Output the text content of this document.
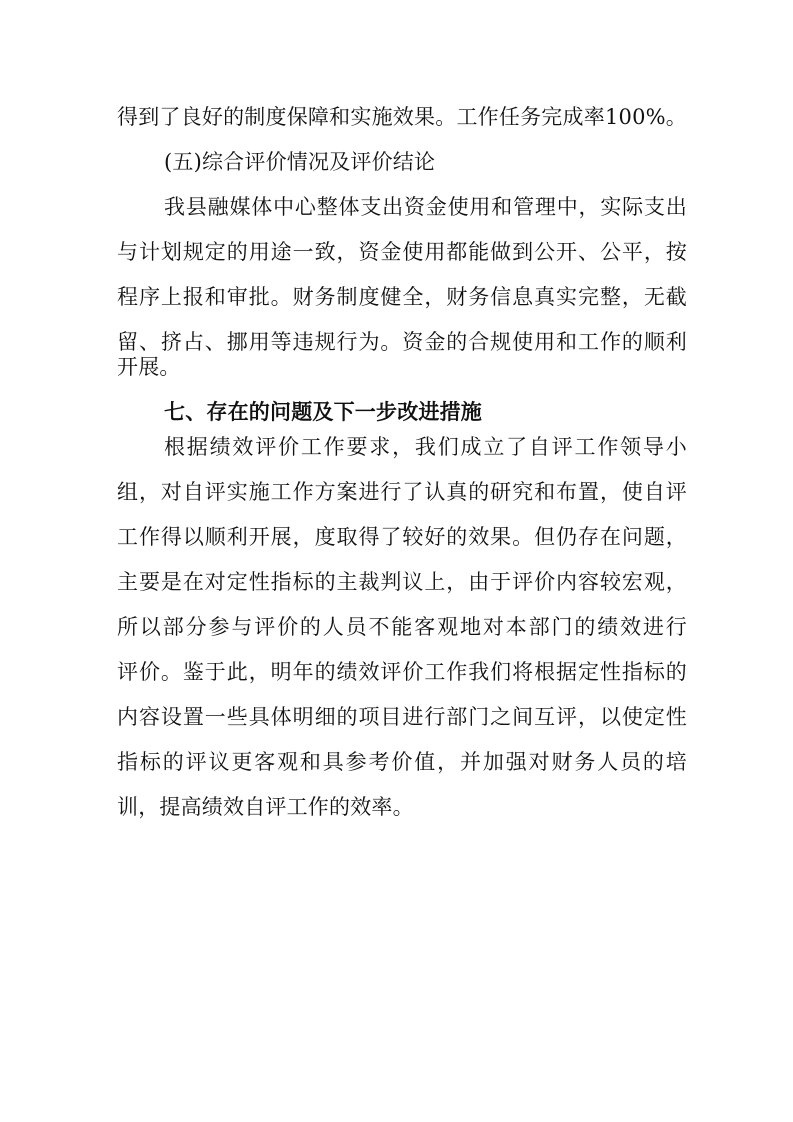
得到了良好的制度保障和实施效果。工作任务完成率100%。
(五)综合评价情况及评价结论
我县融媒体中心整体支出资金使用和管理中，实际支出
与计划规定的用途一致，资金使用都能做到公开、公平，按
程序上报和审批。财务制度健全，财务信息真实完整，无截
留、挤占、挪用等违规行为。资金的合规使用和工作的顺利
开展。
七、存在的问题及下一步改进措施
根据绩效评价工作要求，我们成立了自评工作领导小
组，对自评实施工作方案进行了认真的研究和布置，使自评
工作得以顺利开展，度取得了较好的效果。但仍存在问题，
主要是在对定性指标的主裁判议上，由于评价内容较宏观，
所以部分参与评价的人员不能客观地对本部门的绩效进行
评价。鉴于此，明年的绩效评价工作我们将根据定性指标的
内容设置一些具体明细的项目进行部门之间互评，以使定性
指标的评议更客观和具参考价值，并加强对财务人员的培
训，提高绩效自评工作的效率。
